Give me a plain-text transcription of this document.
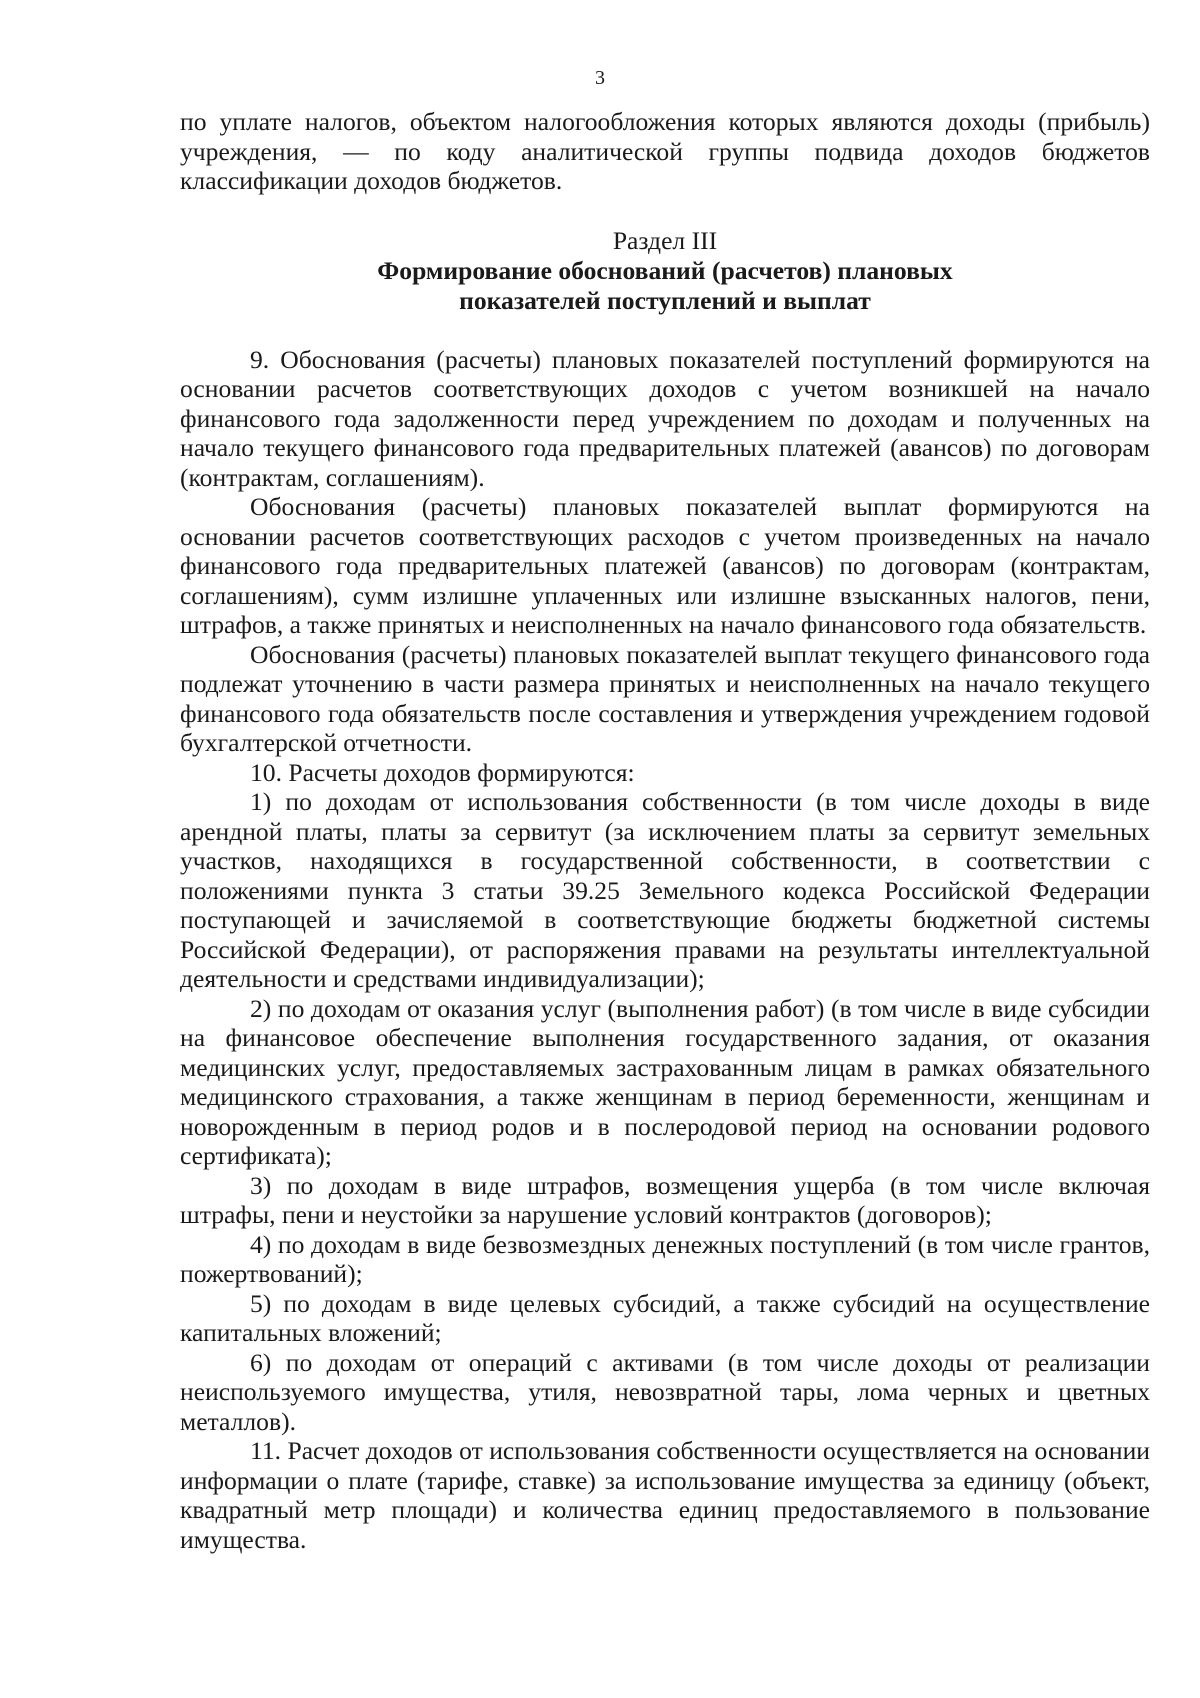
3

по уплате налогов, объектом налогообложения которых являются доходы (прибыль) учреждения, — по коду аналитической группы подвида доходов бюджетов классификации доходов бюджетов.

Раздел III
Формирование обоснований (расчетов) плановых
показателей поступлений и выплат

9. Обоснования (расчеты) плановых показателей поступлений формируются на основании расчетов соответствующих доходов с учетом возникшей на начало финансового года задолженности перед учреждением по доходам и полученных на начало текущего финансового года предварительных платежей (авансов) по договорам (контрактам, соглашениям).

Обоснования (расчеты) плановых показателей выплат формируются на основании расчетов соответствующих расходов с учетом произведенных на начало финансового года предварительных платежей (авансов) по договорам (контрактам, соглашениям), сумм излишне уплаченных или излишне взысканных налогов, пени, штрафов, а также принятых и неисполненных на начало финансового года обязательств.

Обоснования (расчеты) плановых показателей выплат текущего финансового года подлежат уточнению в части размера принятых и неисполненных на начало текущего финансового года обязательств после составления и утверждения учреждением годовой бухгалтерской отчетности.

10. Расчеты доходов формируются:

1) по доходам от использования собственности (в том числе доходы в виде арендной платы, платы за сервитут (за исключением платы за сервитут земельных участков, находящихся в государственной собственности, в соответствии с положениями пункта 3 статьи 39.25 Земельного кодекса Российской Федерации поступающей и зачисляемой в соответствующие бюджеты бюджетной системы Российской Федерации), от распоряжения правами на результаты интеллектуальной деятельности и средствами индивидуализации);

2) по доходам от оказания услуг (выполнения работ) (в том числе в виде субсидии на финансовое обеспечение выполнения государственного задания, от оказания медицинских услуг, предоставляемых застрахованным лицам в рамках обязательного медицинского страхования, а также женщинам в период беременности, женщинам и новорожденным в период родов и в послеродовой период на основании родового сертификата);

3) по доходам в виде штрафов, возмещения ущерба (в том числе включая штрафы, пени и неустойки за нарушение условий контрактов (договоров);

4) по доходам в виде безвозмездных денежных поступлений (в том числе грантов, пожертвований);

5) по доходам в виде целевых субсидий, а также субсидий на осуществление капитальных вложений;

6) по доходам от операций с активами (в том числе доходы от реализации неиспользуемого имущества, утиля, невозвратной тары, лома черных и цветных металлов).

11. Расчет доходов от использования собственности осуществляется на основании информации о плате (тарифе, ставке) за использование имущества за единицу (объект, квадратный метр площади) и количества единиц предоставляемого в пользование имущества.
